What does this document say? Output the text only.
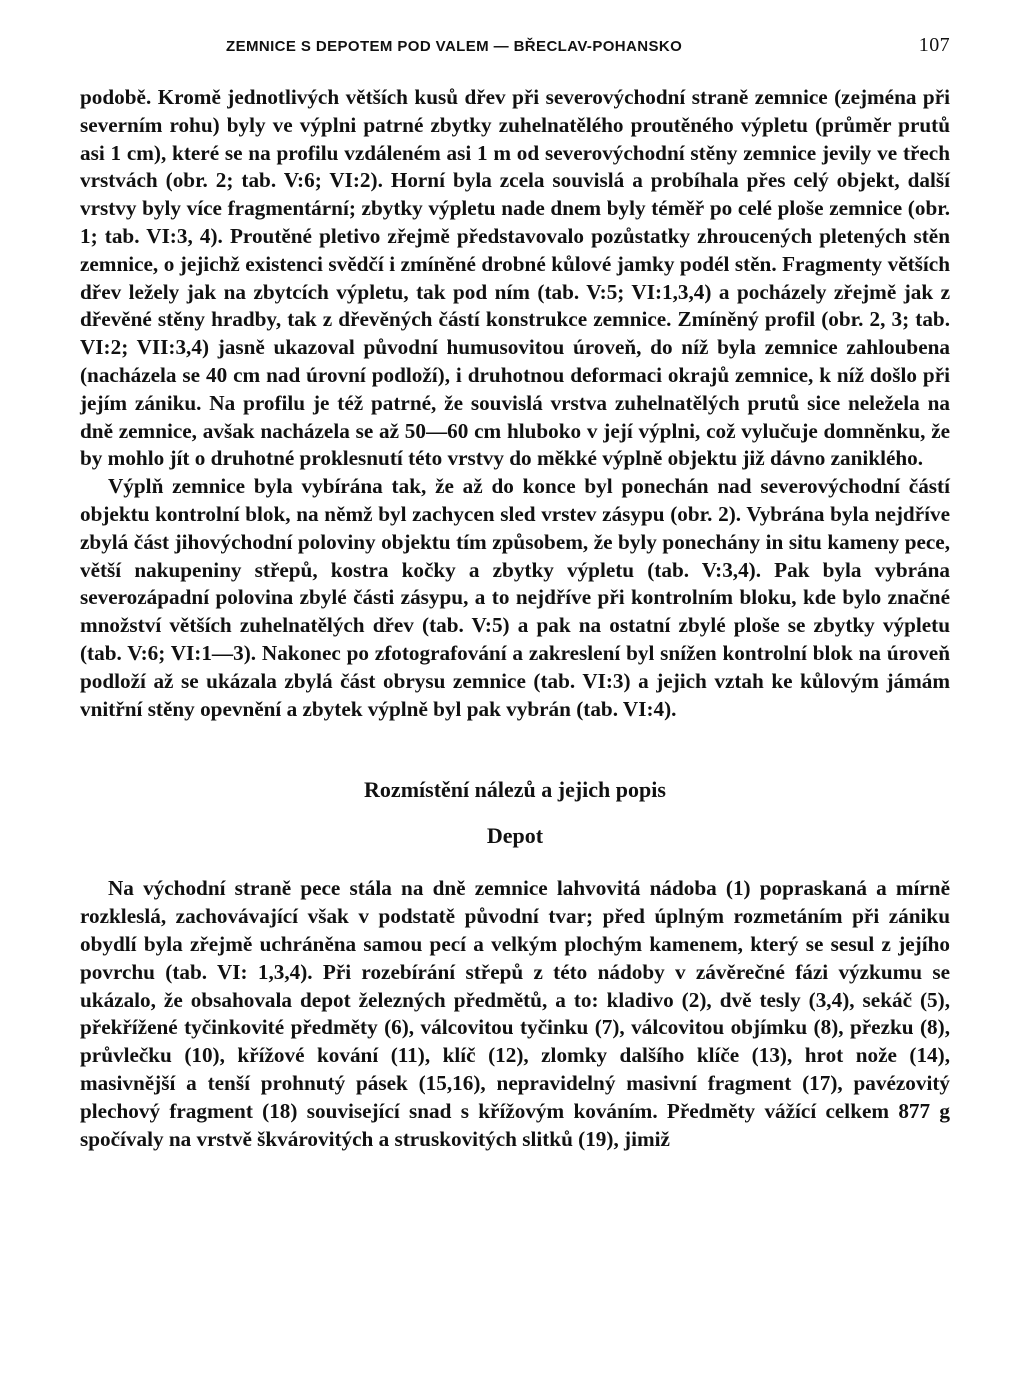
ZEMNICE S DEPOTEM POD VALEM — BŘECLAV-POHANSKO	107

podobě. Kromě jednotlivých větších kusů dřev při severovýchodní straně zemnice (zejména při severním rohu) byly ve výplni patrné zbytky zuhelnatělého proutěného výpletu (průměr prutů asi 1 cm), které se na profilu vzdáleném asi 1 m od severovýchodní stěny zemnice jevily ve třech vrstvách (obr. 2; tab. V:6; VI:2). Horní byla zcela souvislá a probíhala přes celý objekt, další vrstvy byly více fragmentární; zbytky výpletu nade dnem byly téměř po celé ploše zemnice (obr. 1; tab. VI:3, 4). Proutěné pletivo zřejmě představovalo pozůstatky zhroucených pletených stěn zemnice, o jejichž existenci svědčí i zmíněné drobné kůlové jamky podél stěn. Fragmenty větších dřev ležely jak na zbytcích výpletu, tak pod ním (tab. V:5; VI:1,3,4) a pocházely zřejmě jak z dřevěné stěny hradby, tak z dřevěných částí konstrukce zemnice. Zmíněný profil (obr. 2, 3; tab. VI:2; VII:3,4) jasně ukazoval původní humusovitou úroveň, do níž byla zemnice zahloubena (nacházela se 40 cm nad úrovní podloží), i druhotnou deformaci okrajů zemnice, k níž došlo při jejím zániku. Na profilu je též patrné, že souvislá vrstva zuhelnatělých prutů sice neležela na dně zemnice, avšak nacházela se až 50—60 cm hluboko v její výplni, což vylučuje domněnku, že by mohlo jít o druhotné proklesnutí této vrstvy do měkké výplně objektu již dávno zaniklého.

Výplň zemnice byla vybírána tak, že až do konce byl ponechán nad severovýchodní částí objektu kontrolní blok, na němž byl zachycen sled vrstev zásypu (obr. 2). Vybrána byla nejdříve zbylá část jihovýchodní poloviny objektu tím způsobem, že byly ponechány in situ kameny pece, větší nakupeniny střepů, kostra kočky a zbytky výpletu (tab. V:3,4). Pak byla vybrána severozápadní polovina zbylé části zásypu, a to nejdříve při kontrolním bloku, kde bylo značné množství větších zuhelnatělých dřev (tab. V:5) a pak na ostatní zbylé ploše se zbytky výpletu (tab. V:6; VI:1—3). Nakonec po zfotografování a zakreslení byl snížen kontrolní blok na úroveň podloží až se ukázala zbylá část obrysu zemnice (tab. VI:3) a jejich vztah ke kůlovým jámám vnitřní stěny opevnění a zbytek výplně byl pak vybrán (tab. VI:4).

Rozmístění nálezů a jejich popis
Depot

Na východní straně pece stála na dně zemnice lahvovitá nádoba (1) popraskaná a mírně rozkleslá, zachovávající však v podstatě původní tvar; před úplným rozmetáním při zániku obydlí byla zřejmě uchráněna samou pecí a velkým plochým kamenem, který se sesul z jejího povrchu (tab. VI: 1,3,4). Při rozebírání střepů z této nádoby v závěrečné fázi výzkumu se ukázalo, že obsahovala depot železných předmětů, a to: kladivo (2), dvě tesly (3,4), sekáč (5), překřížené tyčinkovité předměty (6), válcovitou tyčinku (7), válcovitou objímku (8), přezku (8), průvlečku (10), křížové kování (11), klíč (12), zlomky dalšího klíče (13), hrot nože (14), masivnější a tenší prohnutý pásek (15,16), nepravidelný masivní fragment (17), pavézovitý plechový fragment (18) související snad s křížovým kováním. Předměty vážící celkem 877 g spočívaly na vrstvě škvárovitých a struskovitých slitků (19), jimiž
